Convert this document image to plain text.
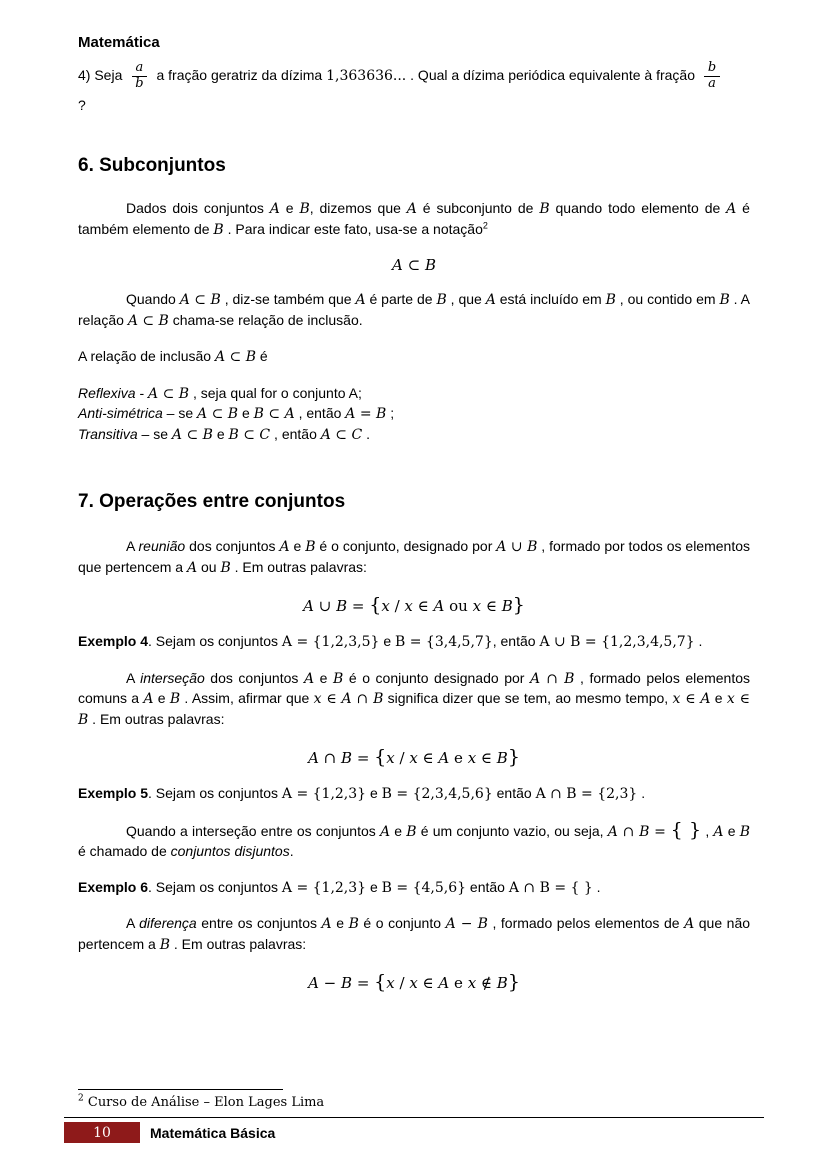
Matemática

4) Seja $\frac{a}{b}$ a fração geratriz da dízima 1,363636... . Qual a dízima periódica equivalente à fração $\frac{b}{a}$

?

6. Subconjuntos

Dados dois conjuntos A e B, dizemos que A é subconjunto de B quando todo elemento de A é também elemento de B . Para indicar este fato, usa-se a notação$^2$

A ⊂ B

Quando A ⊂ B , diz-se também que A é parte de B , que A está incluído em B , ou contido em B . A relação A ⊂ B chama-se relação de inclusão.

A relação de inclusão A ⊂ B é

Reflexiva - A ⊂ B , seja qual for o conjunto A;

Anti-simétrica – se A ⊂ B e B ⊂ A , então A = B ;

Transitiva – se A ⊂ B e B ⊂ C , então A ⊂ C .

7. Operações entre conjuntos

A reunião dos conjuntos A e B é o conjunto, designado por A ∪ B , formado por todos os elementos que pertencem a A ou B . Em outras palavras:

A ∪ B = {x / x ∈ A ou x ∈ B}

Exemplo 4. Sejam os conjuntos A = {1,2,3,5} e B = {3,4,5,7}, então A ∪ B = {1,2,3,4,5,7} .

A interseção dos conjuntos A e B é o conjunto designado por A ∩ B , formado pelos elementos comuns a A e B . Assim, afirmar que x ∈ A ∩ B significa dizer que se tem, ao mesmo tempo, x ∈ A e x ∈ B . Em outras palavras:

A ∩ B = {x / x ∈ A e x ∈ B}

Exemplo 5. Sejam os conjuntos A = {1,2,3} e B = {2,3,4,5,6} então A ∩ B = {2,3} .

Quando a interseção entre os conjuntos A e B é um conjunto vazio, ou seja, A ∩ B = { } , A e B é chamado de conjuntos disjuntos.

Exemplo 6. Sejam os conjuntos A = {1,2,3} e B = {4,5,6} então A ∩ B = { } .

A diferença entre os conjuntos A e B é o conjunto A − B , formado pelos elementos de A que não pertencem a B . Em outras palavras:

A − B = {x / x ∈ A e x ∉ B}
$^2$ Curso de Análise – Elon Lages Lima
10	Matemática Básica
